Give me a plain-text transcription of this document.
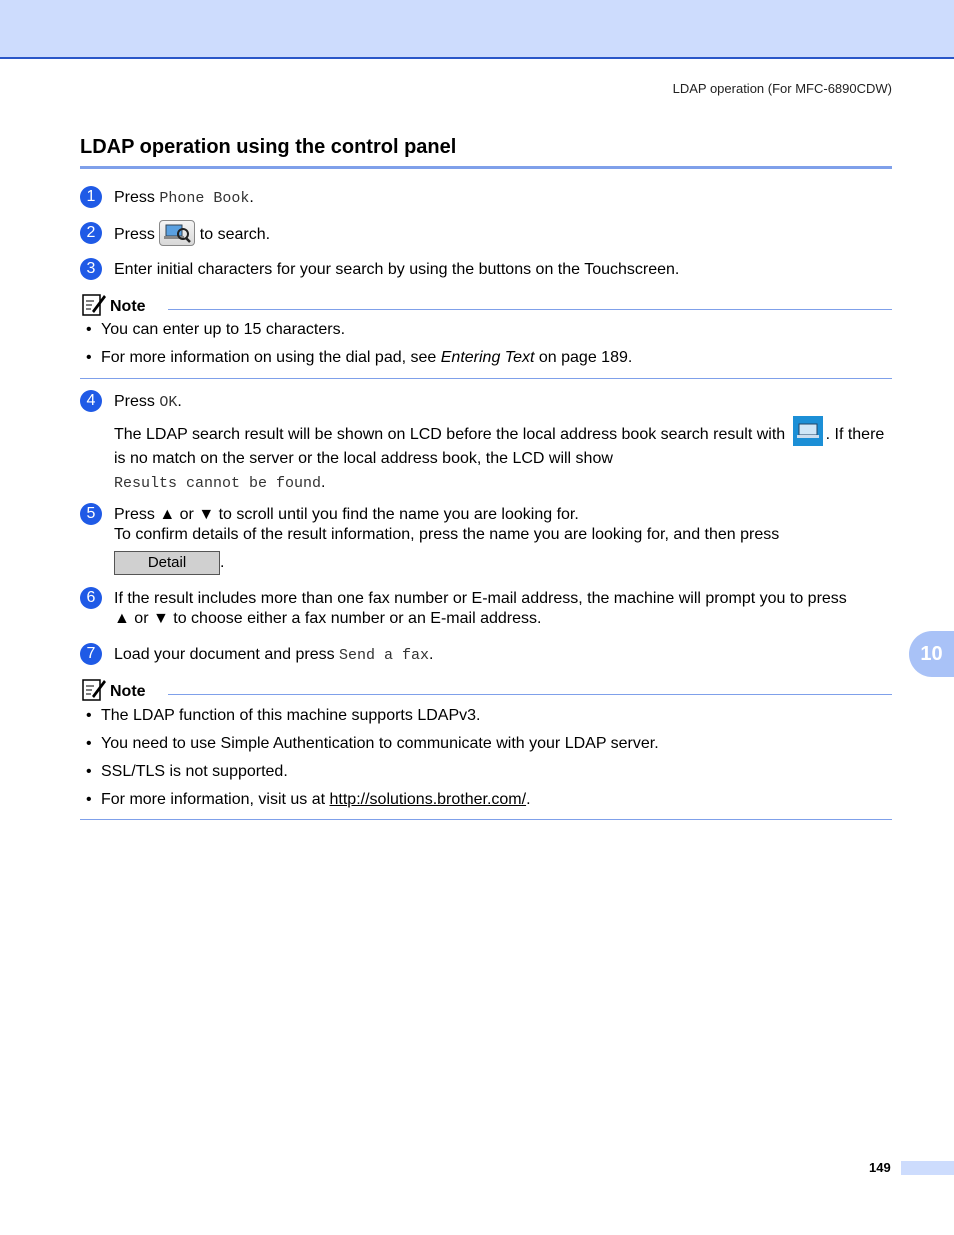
LDAP operation (For MFC-6890CDW)
LDAP operation using the control panel
1	Press Phone Book.
2	Press  to search.
3	Enter initial characters for your search by using the buttons on the Touchscreen.
Note
• You can enter up to 15 characters.
• For more information on using the dial pad, see Entering Text on page 189.
4	Press OK.
The LDAP search result will be shown on LCD before the local address book search result with . If there is no match on the server or the local address book, the LCD will show
Results cannot be found.
5	Press ▲ or ▼ to scroll until you find the name you are looking for.
To confirm details of the result information, press the name you are looking for, and then press
Detail .
6	If the result includes more than one fax number or E-mail address, the machine will prompt you to press
▲ or ▼ to choose either a fax number or an E-mail address.
7	Load your document and press Send a fax.
Note
• The LDAP function of this machine supports LDAPv3.
• You need to use Simple Authentication to communicate with your LDAP server.
• SSL/TLS is not supported.
• For more information, visit us at http://solutions.brother.com/.
10
149
